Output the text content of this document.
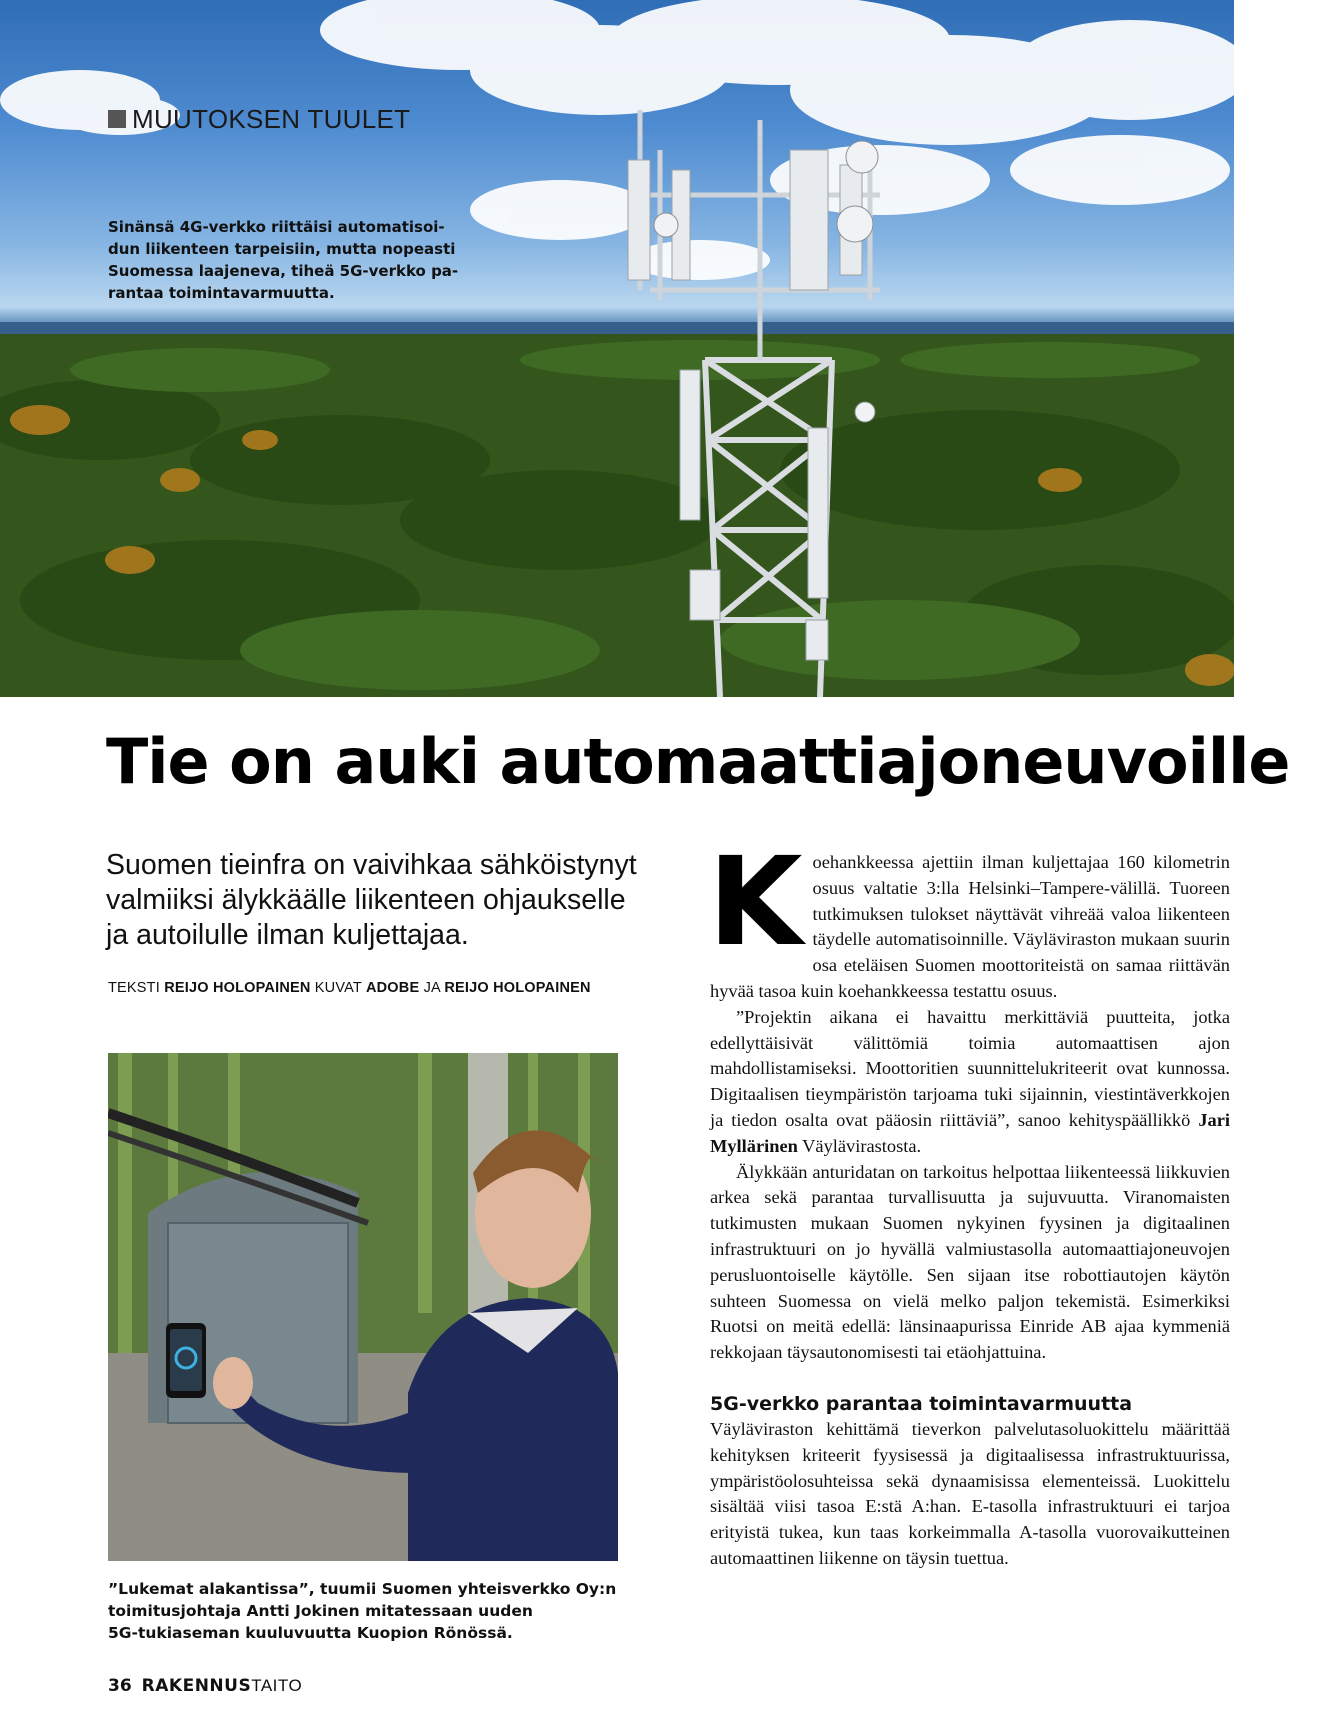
MUUTOKSEN TUULET
Sinänsä 4G-verkko riittäisi automatisoi-
dun liikenteen tarpeisiin, mutta nopeasti
Suomessa laajeneva, tiheä 5G-verkko pa-
rantaa toimintavarmuutta.
Tie on auki automaattiajoneuvoille
Suomen tieinfra on vaivihkaa sähköistynyt
valmiiksi älykkäälle liikenteen ohjaukselle
ja autoilulle ilman kuljettajaa.
TEKSTI REIJO HOLOPAINEN KUVAT ADOBE JA REIJO HOLOPAINEN
”Lukemat alakantissa”, tuumii Suomen yhteisverkko Oy:n
toimitusjohtaja Antti Jokinen mitatessaan uuden
5G-tukiaseman kuuluvuutta Kuopion Rönössä.
36 RAKENNUSTAITO

Koehankkeessa ajettiin ilman kuljettajaa 160 kilometrin osuus valtatie 3:lla Helsinki–Tampere-välillä. Tuoreen tutkimuksen tulokset näyttävät vihreää valoa liikenteen täydelle automatisoinnille. Väyläviraston mukaan suurin osa eteläisen Suomen moottoriteistä on samaa riittävän hyvää tasoa kuin koehankkeessa testattu osuus.

”Projektin aikana ei havaittu merkittäviä puutteita, jotka edellyttäisivät välittömiä toimia automaattisen ajon mahdollistamiseksi. Moottoritien suunnittelukriteerit ovat kunnossa. Digitaalisen tieympäristön tarjoama tuki sijainnin, viestintäverkkojen ja tiedon osalta ovat pääosin riittäviä”, sanoo kehityspäällikkö Jari Myllärinen Väylävirastosta.

Älykkään anturidatan on tarkoitus helpottaa liikenteessä liikkuvien arkea sekä parantaa turvallisuutta ja sujuvuutta. Viranomaisten tutkimusten mukaan Suomen nykyinen fyysinen ja digitaalinen infrastruktuuri on jo hyvällä valmiustasolla automaattiajoneuvojen perusluontoiselle käytölle. Sen sijaan itse robottiautojen käytön suhteen Suomessa on vielä melko paljon tekemistä. Esimerkiksi Ruotsi on meitä edellä: länsinaapurissa Einride AB ajaa kymmeniä rekkojaan täysautonomisesti tai etäohjattuina.

5G-verkko parantaa toimintavarmuutta

Väyläviraston kehittämä tieverkon palvelutasoluokittelu määrittää kehityksen kriteerit fyysisessä ja digitaalisessa infrastruktuurissa, ympäristöolosuhteissa sekä dynaamisissa elementeissä. Luokittelu sisältää viisi tasoa E:stä A:han. E-tasolla infrastruktuuri ei tarjoa erityistä tukea, kun taas korkeimmalla A-tasolla vuorovaikutteinen automaattinen liikenne on täysin tuettua.
